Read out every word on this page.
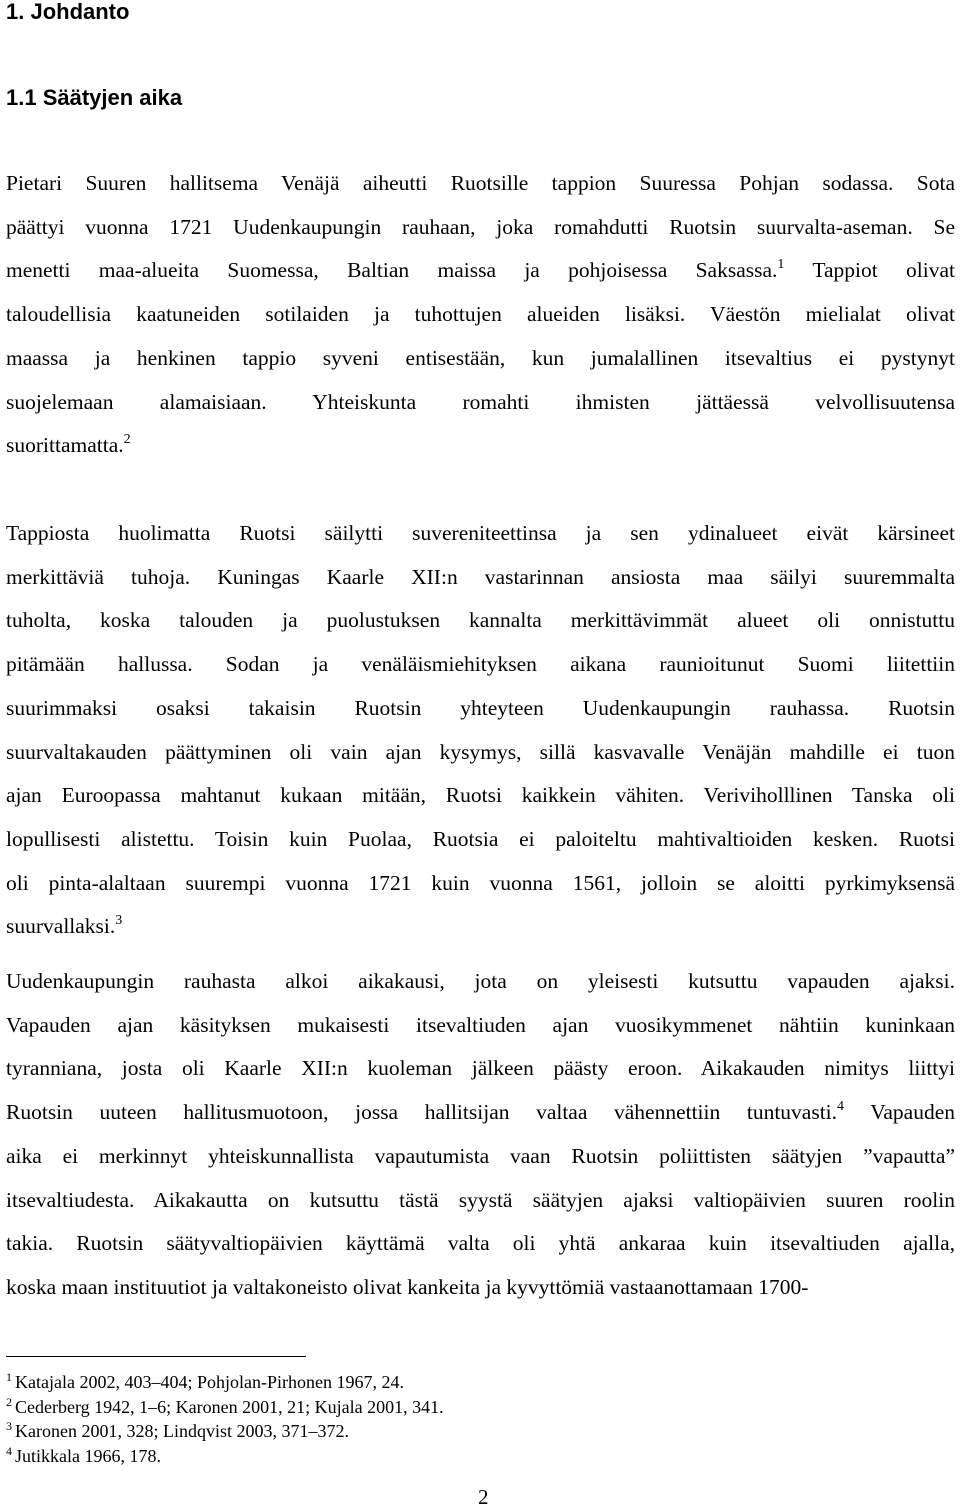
1. Johdanto
1.1 Säätyjen aika

Pietari Suuren hallitsema Venäjä aiheutti Ruotsille tappion Suuressa Pohjan sodassa. Sota
päättyi vuonna 1721 Uudenkaupungin rauhaan, joka romahdutti Ruotsin suurvalta-aseman. Se
menetti maa-alueita Suomessa, Baltian maissa ja pohjoisessa Saksassa.$^1$ Tappiot olivat
taloudellisia kaatuneiden sotilaiden ja tuhottujen alueiden lisäksi. Väestön mielialat olivat
maassa ja henkinen tappio syveni entisestään, kun jumalallinen itsevaltius ei pystynyt
suojelemaan alamaisiaan. Yhteiskunta romahti ihmisten jättäessä velvollisuutensa
suorittamatta.$^2$

Tappiosta huolimatta Ruotsi säilytti suvereniteettinsa ja sen ydinalueet eivät kärsineet
merkittäviä tuhoja. Kuningas Kaarle XII:n vastarinnan ansiosta maa säilyi suuremmalta
tuholta, koska talouden ja puolustuksen kannalta merkittävimmät alueet oli onnistuttu
pitämään hallussa. Sodan ja venäläismiehityksen aikana raunioitunut Suomi liitettiin
suurimmaksi osaksi takaisin Ruotsin yhteyteen Uudenkaupungin rauhassa. Ruotsin
suurvaltakauden päättyminen oli vain ajan kysymys, sillä kasvavalle Venäjän mahdille ei tuon
ajan Euroopassa mahtanut kukaan mitään, Ruotsi kaikkein vähiten. Veriviholllinen Tanska oli
lopullisesti alistettu. Toisin kuin Puolaa, Ruotsia ei paloiteltu mahtivaltioiden kesken. Ruotsi
oli pinta-alaltaan suurempi vuonna 1721 kuin vuonna 1561, jolloin se aloitti pyrkimyksensä
suurvallaksi.$^3$

Uudenkaupungin rauhasta alkoi aikakausi, jota on yleisesti kutsuttu vapauden ajaksi.
Vapauden ajan käsityksen mukaisesti itsevaltiuden ajan vuosikymmenet nähtiin kuninkaan
tyranniana, josta oli Kaarle XII:n kuoleman jälkeen päästy eroon. Aikakauden nimitys liittyi
Ruotsin uuteen hallitusmuotoon, jossa hallitsijan valtaa vähennettiin tuntuvasti.$^4$ Vapauden
aika ei merkinnyt yhteiskunnallista vapautumista vaan Ruotsin poliittisten säätyjen ”vapautta”
itsevaltiudesta. Aikakautta on kutsuttu tästä syystä säätyjen ajaksi valtiopäivien suuren roolin
takia. Ruotsin säätyvaltiopäivien käyttämä valta oli yhtä ankaraa kuin itsevaltiuden ajalla,
koska maan instituutiot ja valtakoneisto olivat kankeita ja kyvyttömiä vastaanottamaan 1700-

$^1$ Katajala 2002, 403–404; Pohjolan-Pirhonen 1967, 24.
$^2$ Cederberg 1942, 1–6; Karonen 2001, 21; Kujala 2001, 341.
$^3$ Karonen 2001, 328; Lindqvist 2003, 371–372.
$^4$ Jutikkala 1966, 178.
2
